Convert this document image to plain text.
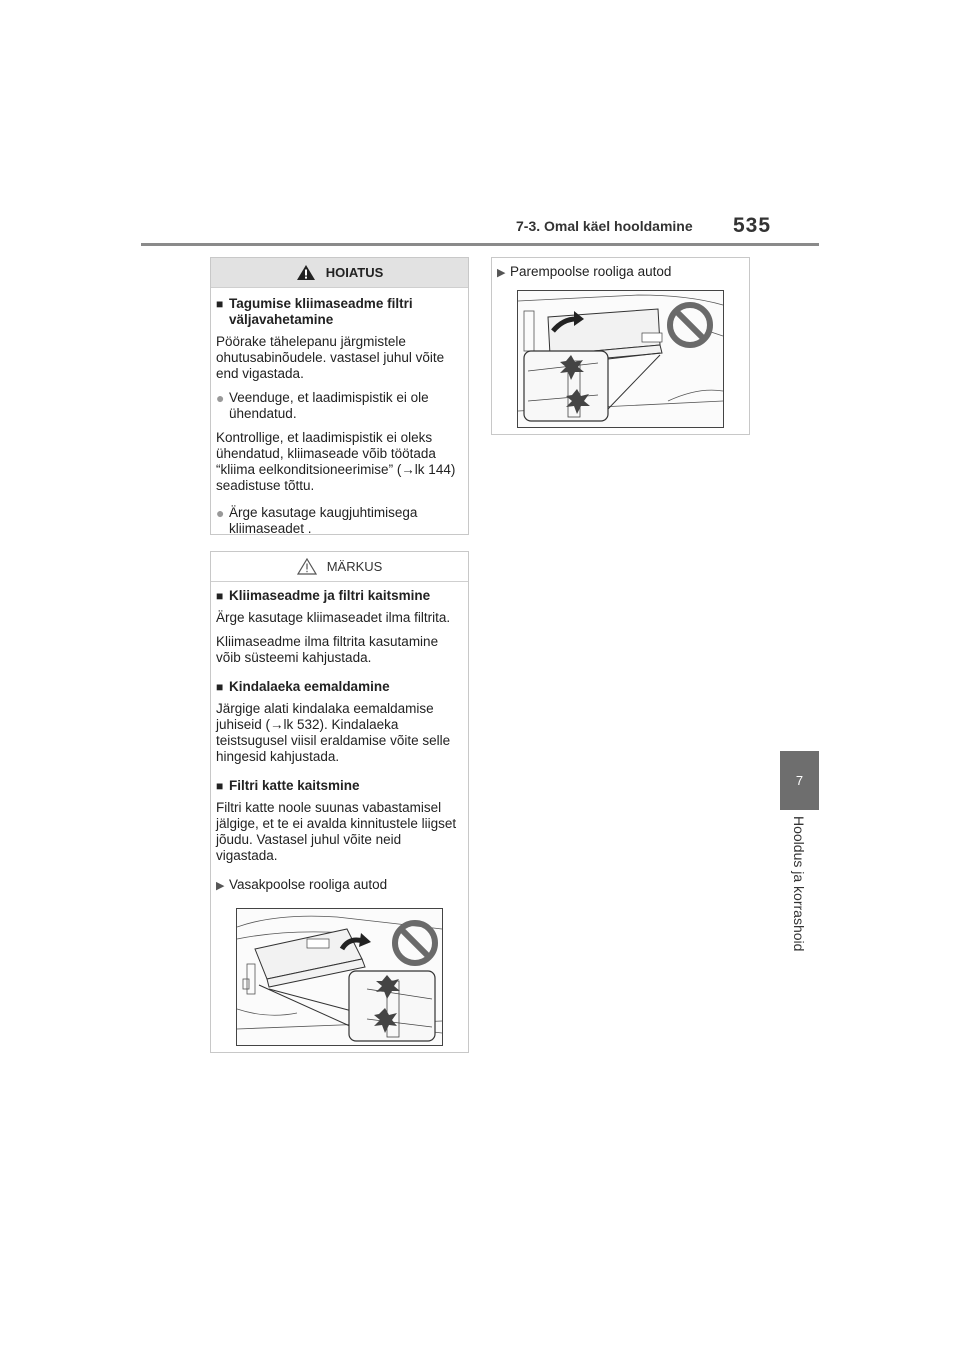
7-3. Omal käel hooldamine 535
7
Hooldus ja korrashoid
HOIATUS
■ Tagumise kliimaseadme filtri väljavahetamine
Pöörake tähelepanu järgmistele ohutusabinõudele. vastasel juhul võite end vigastada.
● Veenduge, et laadimispistik ei ole ühendatud.
Kontrollige, et laadimispistik ei oleks ühendatud, kliimaseade võib töötada “kliima eelkonditsioneerimise” (→lk 144) seadistuse tõttu.
● Ärge kasutage kaugjuhtimisega kliimaseadet .
MÄRKUS
■ Kliimaseadme ja filtri kaitsmine
Ärge kasutage kliimaseadet ilma filtrita.
Kliimaseadme ilma filtrita kasutamine võib süsteemi kahjustada.
■ Kindalaeka eemaldamine
Järgige alati kindalaka eemaldamise juhiseid (→lk 532). Kindalaeka teistsugusel viisil eraldamise võite selle hingesid kahjustada.
■ Filtri katte kaitsmine
Filtri katte noole suunas vabastamisel jälgige, et te ei avalda kinnitustele liigset jõudu. Vastasel juhul võite neid vigastada.
▶ Vasakpoolse rooliga autod
▶ Parempoolse rooliga autod
